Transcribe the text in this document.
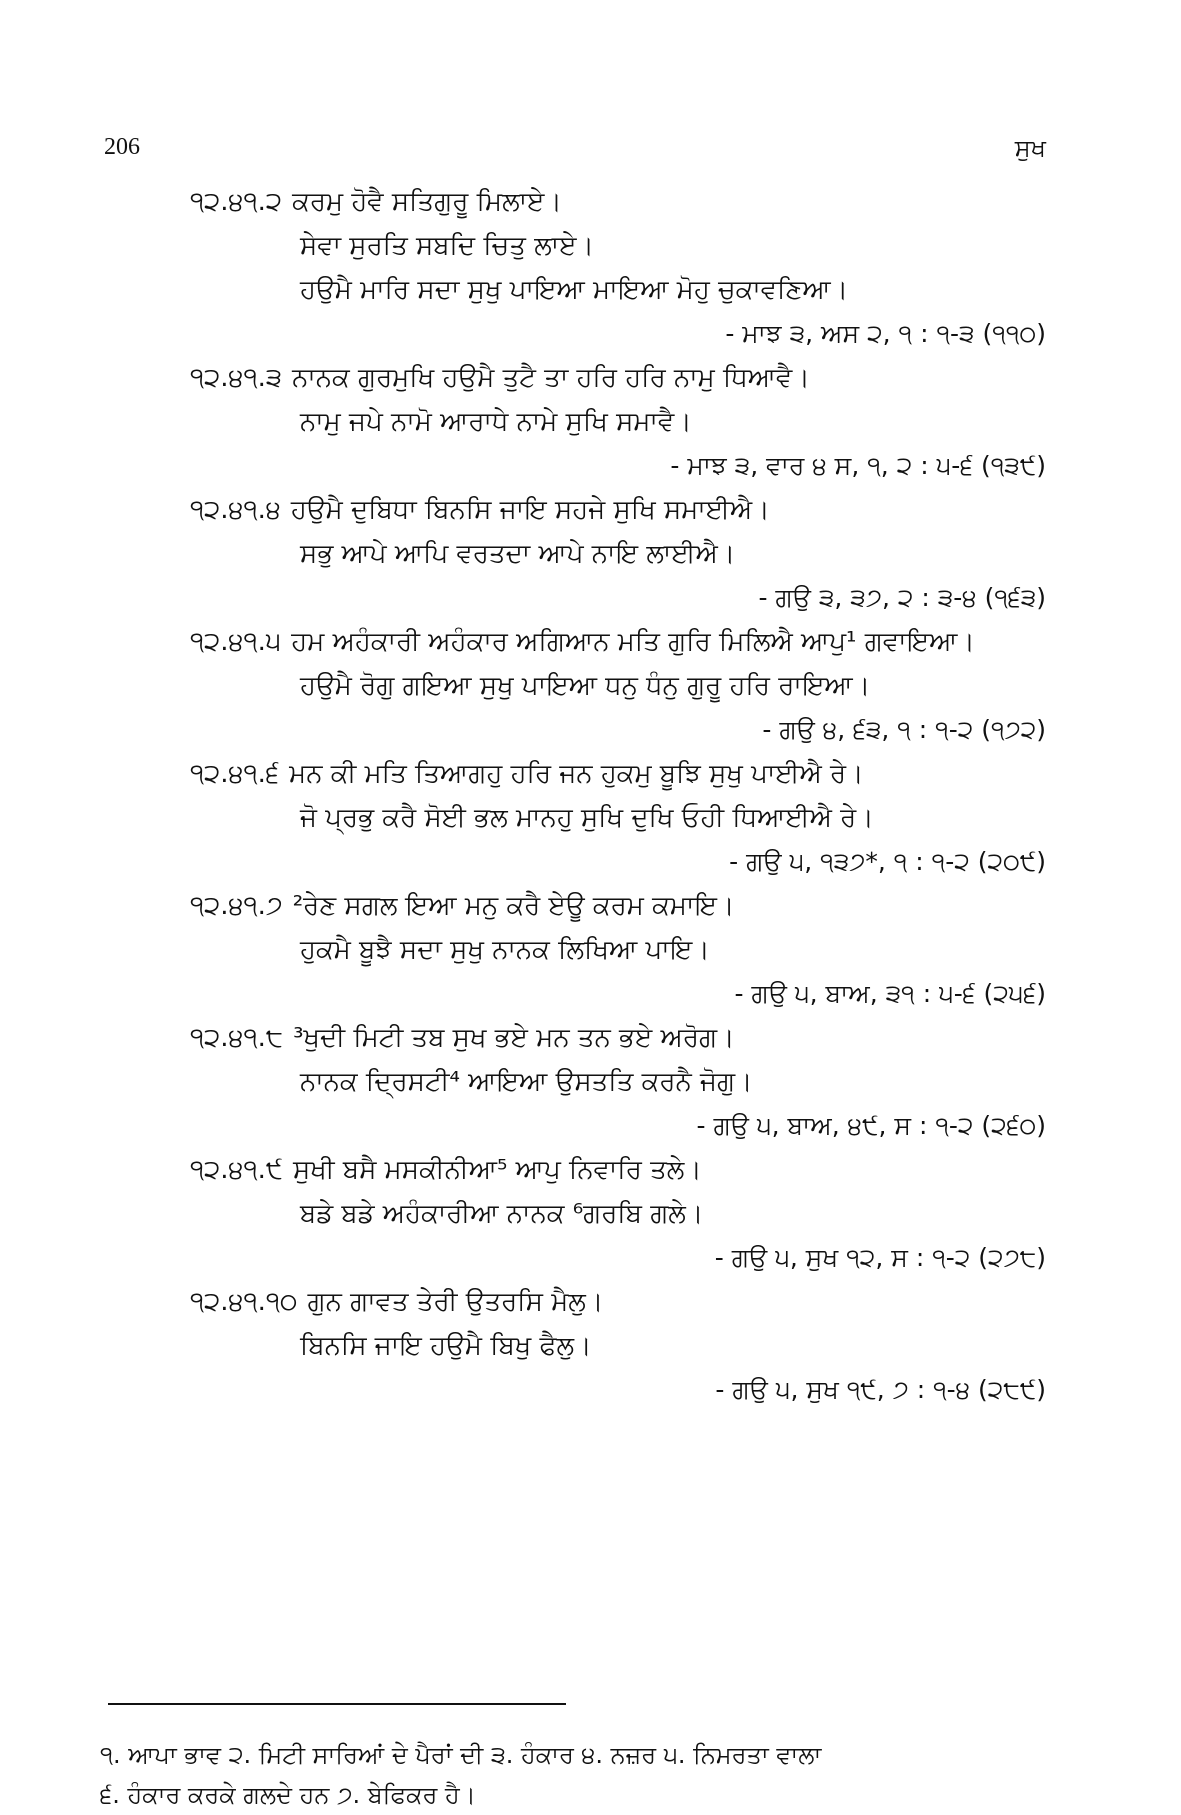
206	ਸੁਖ
੧੨.੪੧.੨ ਕਰਮੁ ਹੋਵੈ ਸਤਿਗੁਰੂ ਮਿਲਾਏ।
ਸੇਵਾ ਸੁਰਤਿ ਸਬਦਿ ਚਿਤੁ ਲਾਏ।
ਹਉਮੈ ਮਾਰਿ ਸਦਾ ਸੁਖੁ ਪਾਇਆ ਮਾਇਆ ਮੋਹੁ ਚੁਕਾਵਣਿਆ।
- ਮਾਝ ੩, ਅਸ ੨, ੧ : ੧-੩ (੧੧੦)
੧੨.੪੧.੩ ਨਾਨਕ ਗੁਰਮੁਖਿ ਹਉਮੈ ਤੁਟੈ ਤਾ ਹਰਿ ਹਰਿ ਨਾਮੁ ਧਿਆਵੈ।
ਨਾਮੁ ਜਪੇ ਨਾਮੋ ਆਰਾਧੇ ਨਾਮੇ ਸੁਖਿ ਸਮਾਵੈ।
- ਮਾਝ ੩, ਵਾਰ ੪ ਸ, ੧, ੨ : ੫-੬ (੧੩੯)
੧੨.੪੧.੪ ਹਉਮੈ ਦੁਬਿਧਾ ਬਿਨਸਿ ਜਾਇ ਸਹਜੇ ਸੁਖਿ ਸਮਾਈਐ।
ਸਭੁ ਆਪੇ ਆਪਿ ਵਰਤਦਾ ਆਪੇ ਨਾਇ ਲਾਈਐ।
- ਗਉ ੩, ੩੭, ੨ : ੩-੪ (੧੬੩)
੧੨.੪੧.੫ ਹਮ ਅਹੰਕਾਰੀ ਅਹੰਕਾਰ ਅਗਿਆਨ ਮਤਿ ਗੁਰਿ ਮਿਲਿਐ ਆਪੁ¹ ਗਵਾਇਆ।
ਹਉਮੈ ਰੋਗੁ ਗਇਆ ਸੁਖੁ ਪਾਇਆ ਧਨੁ ਧੰਨੁ ਗੁਰੂ ਹਰਿ ਰਾਇਆ।
- ਗਉ ੪, ੬੩, ੧ : ੧-੨ (੧੭੨)
੧੨.੪੧.੬ ਮਨ ਕੀ ਮਤਿ ਤਿਆਗਹੁ ਹਰਿ ਜਨ ਹੁਕਮੁ ਬੂਝਿ ਸੁਖੁ ਪਾਈਐ ਰੇ।
ਜੋ ਪ੍ਰਭੁ ਕਰੈ ਸੋਈ ਭਲ ਮਾਨਹੁ ਸੁਖਿ ਦੁਖਿ ਓਹੀ ਧਿਆਈਐ ਰੇ।
- ਗਉ ੫, ੧੩੭*, ੧ : ੧-੨ (੨੦੯)
੧੨.੪੧.੭ ²ਰੇਣ ਸਗਲ ਇਆ ਮਨੁ ਕਰੈ ਏਊ ਕਰਮ ਕਮਾਇ।
ਹੁਕਮੈ ਬੂਝੈ ਸਦਾ ਸੁਖੁ ਨਾਨਕ ਲਿਖਿਆ ਪਾਇ।
- ਗਉ ੫, ਬਾਅ, ੩੧ : ੫-੬ (੨੫੬)
੧੨.੪੧.੮ ³ਖੁਦੀ ਮਿਟੀ ਤਬ ਸੁਖ ਭਏ ਮਨ ਤਨ ਭਏ ਅਰੋਗ।
ਨਾਨਕ ਦ੍ਰਿਸਟੀ⁴ ਆਇਆ ਉਸਤਤਿ ਕਰਨੈ ਜੋਗੁ।
- ਗਉ ੫, ਬਾਅ, ੪੯, ਸ : ੧-੨ (੨੬੦)
੧੨.੪੧.੯ ਸੁਖੀ ਬਸੈ ਮਸਕੀਨੀਆ⁵ ਆਪੁ ਨਿਵਾਰਿ ਤਲੇ।
ਬਡੇ ਬਡੇ ਅਹੰਕਾਰੀਆ ਨਾਨਕ ⁶ਗਰਬਿ ਗਲੇ।
- ਗਉ ੫, ਸੁਖ ੧੨, ਸ : ੧-੨ (੨੭੮)
੧੨.੪੧.੧੦ ਗੁਨ ਗਾਵਤ ਤੇਰੀ ਉਤਰਸਿ ਮੈਲੁ।
ਬਿਨਸਿ ਜਾਇ ਹਉਮੈ ਬਿਖੁ ਫੈਲੁ।
- ਗਉ ੫, ਸੁਖ ੧੯, ੭ : ੧-੪ (੨੮੯)
੧. ਆਪਾ ਭਾਵ ੨. ਮਿਟੀ ਸਾਰਿਆਂ ਦੇ ਪੈਰਾਂ ਦੀ ੩. ਹੰਕਾਰ ੪. ਨਜ਼ਰ ੫. ਨਿਮਰਤਾ ਵਾਲਾ
੬. ਹੰਕਾਰ ਕਰਕੇ ਗਲਦੇ ਹਨ ੭. ਬੇਫਿਕਰ ਹੈ।
